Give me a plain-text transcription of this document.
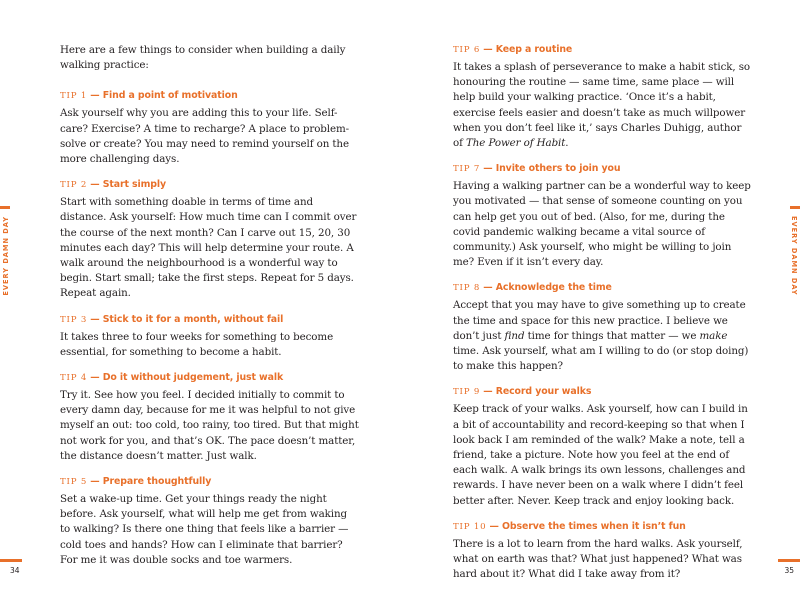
Here are a few things to consider when building a daily walking practice:

TIP 1 — Find a point of motivation
Ask yourself why you are adding this to your life. Self-care? Exercise? A time to recharge? A place to problem-solve or create? You may need to remind yourself on the more challenging days.
TIP 2 — Start simply
Start with something doable in terms of time and distance. Ask yourself: How much time can I commit over the course of the next month? Can I carve out 15, 20, 30 minutes each day? This will help determine your route. A walk around the neighbourhood is a wonderful way to begin. Start small; take the first steps. Repeat for 5 days. Repeat again.
TIP 3 — Stick to it for a month, without fail
It takes three to four weeks for something to become essential, for something to become a habit.
TIP 4 — Do it without judgement, just walk
Try it. See how you feel. I decided initially to commit to every damn day, because for me it was helpful to not give myself an out: too cold, too rainy, too tired. But that might not work for you, and that’s OK. The pace doesn’t matter, the distance doesn’t matter. Just walk.
TIP 5 — Prepare thoughtfully
Set a wake-up time. Get your things ready the night before. Ask yourself, what will help me get from waking to walking? Is there one thing that feels like a barrier — cold toes and hands? How can I eliminate that barrier? For me it was double socks and toe warmers.
EVERY DAMN DAY
34
TIP 6 — Keep a routine
It takes a splash of perseverance to make a habit stick, so honouring the routine — same time, same place — will help build your walking practice. ‘Once it’s a habit, exercise feels easier and doesn’t take as much willpower when you don’t feel like it,’ says Charles Duhigg, author of The Power of Habit.
TIP 7 — Invite others to join you
Having a walking partner can be a wonderful way to keep you motivated — that sense of someone counting on you can help get you out of bed. (Also, for me, during the covid pandemic walking became a vital source of community.) Ask yourself, who might be willing to join me? Even if it isn’t every day.
TIP 8 — Acknowledge the time
Accept that you may have to give something up to create the time and space for this new practice. I believe we don’t just find time for things that matter — we make time. Ask yourself, what am I willing to do (or stop doing) to make this happen?
TIP 9 — Record your walks
Keep track of your walks. Ask yourself, how can I build in a bit of accountability and record-keeping so that when I look back I am reminded of the walk? Make a note, tell a friend, take a picture. Note how you feel at the end of each walk. A walk brings its own lessons, challenges and rewards. I have never been on a walk where I didn’t feel better after. Never. Keep track and enjoy looking back.
TIP 10 — Observe the times when it isn’t fun
There is a lot to learn from the hard walks. Ask yourself, what on earth was that? What just happened? What was hard about it? What did I take away from it?
EVERY DAMN DAY
35
